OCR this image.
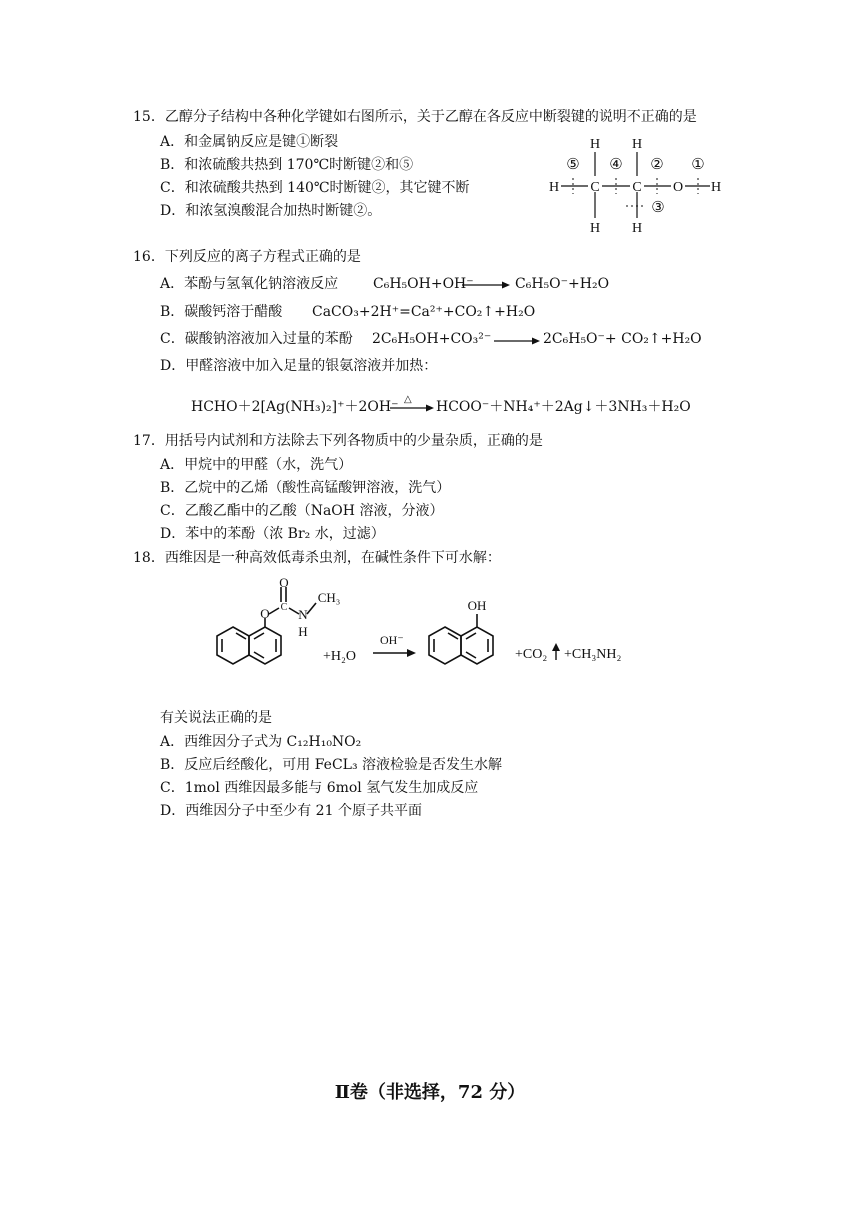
15．乙醇分子结构中各种化学键如右图所示，关于乙醇在各反应中断裂键的说明不正确的是
A．和金属钠反应是键①断裂
B．和浓硫酸共热到 170℃时断键②和⑤
C．和浓硫酸共热到 140℃时断键②，其它键不断
D．和浓氢溴酸混合加热时断键②。
H H
H C C O H
H H
⑤ ④ ② ①
③
16．下列反应的离子方程式正确的是
A．苯酚与氢氧化钠溶液反应 C₆H₅OH+OH⁻	C₆H₅O⁻+H₂O
B．碳酸钙溶于醋酸 CaCO₃+2H⁺=Ca²⁺+CO₂↑+H₂O
C．碳酸钠溶液加入过量的苯酚 2C₆H₅OH+CO₃²⁻	2C₆H₅O⁻+ CO₂↑+H₂O
D．甲醛溶液中加入足量的银氨溶液并加热：
HCHO＋2[Ag(NH₃)₂]⁺＋2OH⁻ △ HCOO⁻＋NH₄⁺＋2Ag↓＋3NH₃＋H₂O
17．用括号内试剂和方法除去下列各物质中的少量杂质，正确的是
A．甲烷中的甲醛（水，洗气）
B．乙烷中的乙烯（酸性高锰酸钾溶液，洗气）
C．乙酸乙酯中的乙酸（NaOH 溶液，分液）
D．苯中的苯酚（浓 Br₂ 水，过滤）
18．西维因是一种高效低毒杀虫剂，在碱性条件下可水解：
O
O
C N
H
CH₃
+H₂O
OH⁻
OH
+CO₂ +CH₃NH₂
有关说法正确的是
A．西维因分子式为 C₁₂H₁₀NO₂
B．反应后经酸化，可用 FeCL₃ 溶液检验是否发生水解
C．1mol 西维因最多能与 6mol 氢气发生加成反应
D．西维因分子中至少有 21 个原子共平面
Ⅱ卷（非选择，72 分）
